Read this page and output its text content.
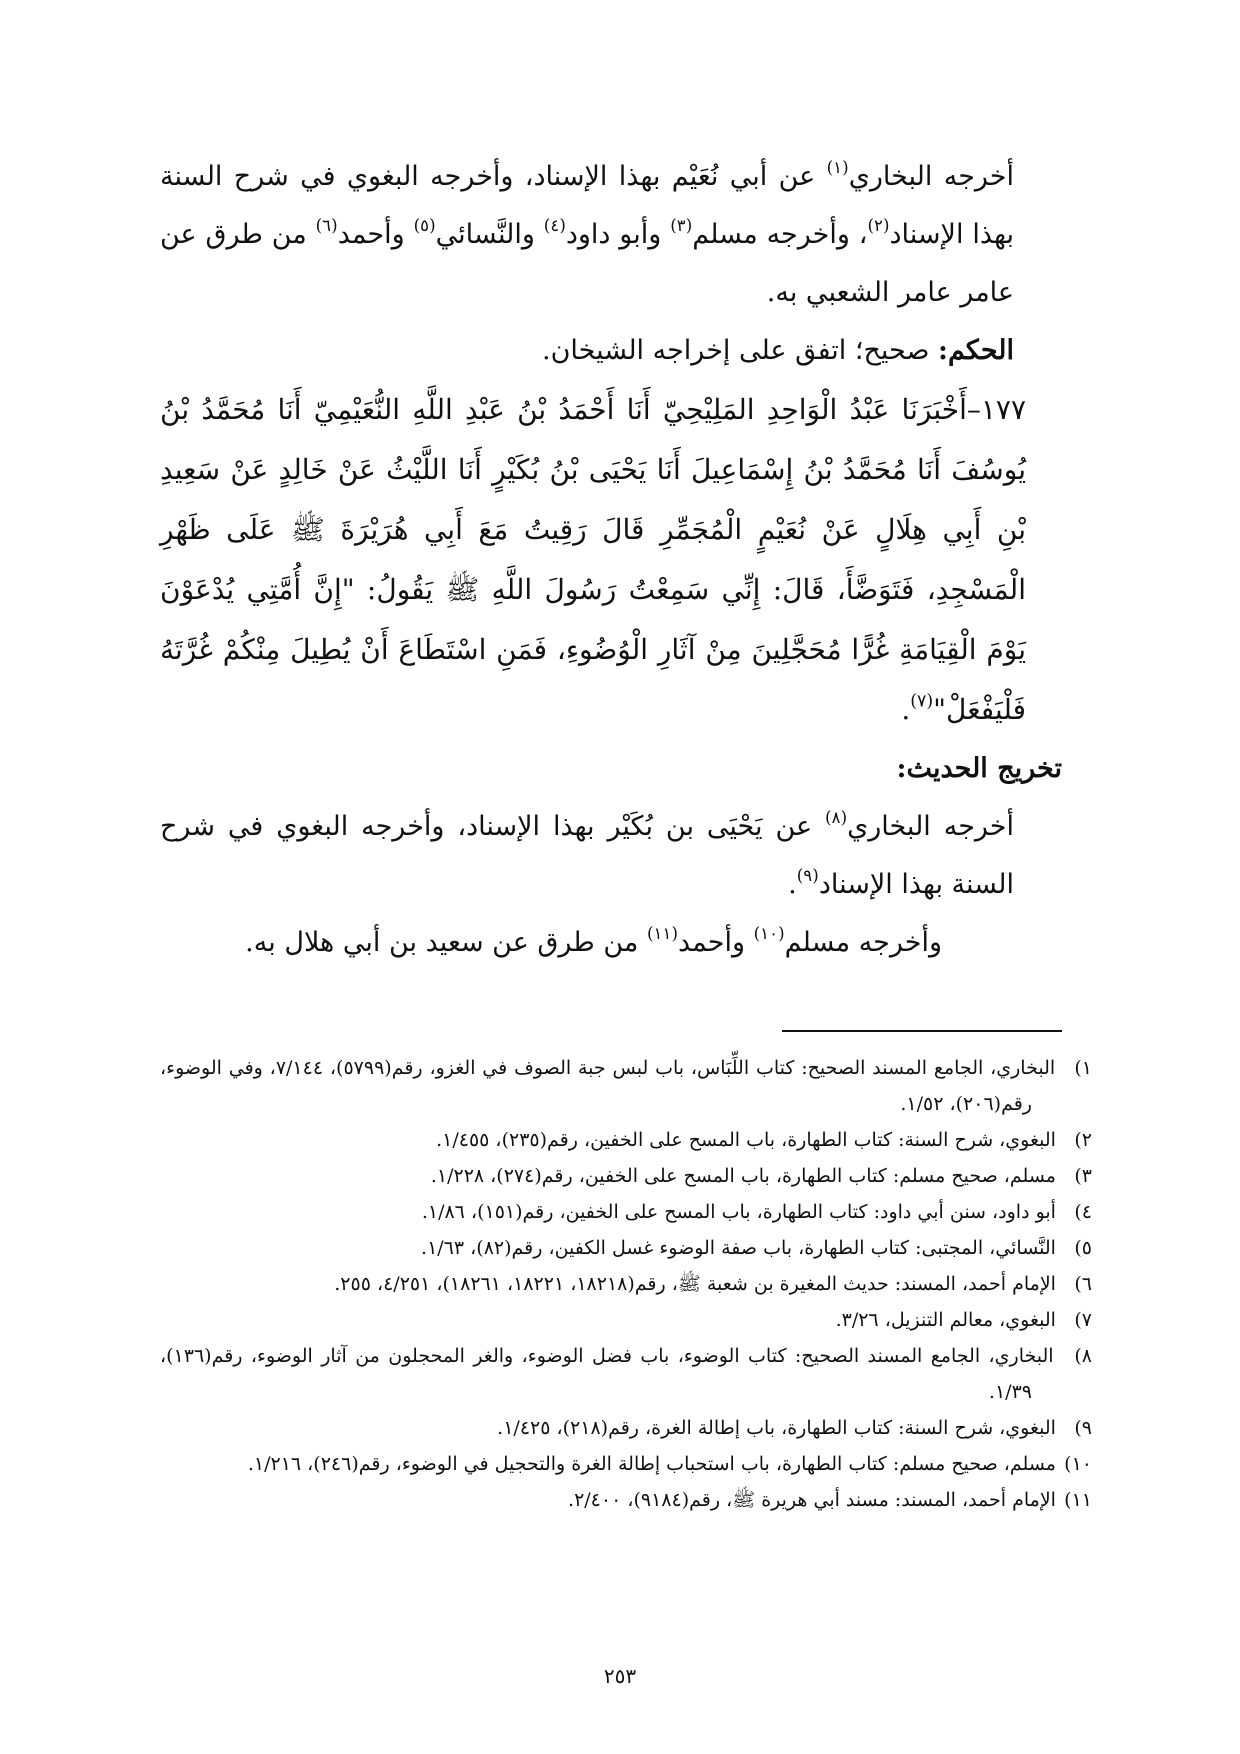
أخرجه البخاري$^{(١)}$ عن أبي نُعَيْم بهذا الإسناد، وأخرجه البغوي في شرح السنة بهذا الإسناد$^{(٢)}$، وأخرجه مسلم$^{(٣)}$ وأبو داود$^{(٤)}$ والنَّسائي$^{(٥)}$ وأحمد$^{(٦)}$ من طرق عن عامر عامر الشعبي به.

الحكم: صحيح؛ اتفق على إخراجه الشيخان.

١٧٧–أَخْبَرَنَا عَبْدُ الْوَاحِدِ المَلِيْحِيّ أَنَا أَحْمَدُ بْنُ عَبْدِ اللَّهِ النُّعَيْمِيّ أَنَا مُحَمَّدُ بْنُ يُوسُفَ أَنَا مُحَمَّدُ بْنُ إِسْمَاعِيلَ أَنَا يَحْيَى بْنُ بُكَيْرٍ أَنَا اللَّيْثُ عَنْ خَالِدٍ عَنْ سَعِيدِ بْنِ أَبِي هِلَالٍ عَنْ نُعَيْمٍ الْمُجَمِّرِ قَالَ رَقِيتُ مَعَ أَبِي هُرَيْرَةَ ﷺ عَلَى ظَهْرِ الْمَسْجِدِ، فَتَوَضَّأَ، قَالَ: إِنِّي سَمِعْتُ رَسُولَ اللَّهِ ﷺ يَقُولُ: "إِنَّ أُمَّتِي يُدْعَوْنَ يَوْمَ الْقِيَامَةِ غُرًّا مُحَجَّلِينَ مِنْ آثَارِ الْوُضُوءِ، فَمَنِ اسْتَطَاعَ أَنْ يُطِيلَ مِنْكُمْ غُرَّتَهُ فَلْيَفْعَلْ"$^{(٧)}$.

تخريج الحديث:

أخرجه البخاري$^{(٨)}$ عن يَحْيَى بن بُكَيْر بهذا الإسناد، وأخرجه البغوي في شرح السنة بهذا الإسناد$^{(٩)}$.

وأخرجه مسلم$^{(١٠)}$ وأحمد$^{(١١)}$ من طرق عن سعيد بن أبي هلال به.

١) البخاري، الجامع المسند الصحيح: كتاب اللِّبَاس، باب لبس جبة الصوف في الغزو، رقم(٥٧٩٩)، ٧/١٤٤، وفي الوضوء، رقم(٢٠٦)، ١/٥٢.

٢) البغوي، شرح السنة: كتاب الطهارة، باب المسح على الخفين، رقم(٢٣٥)، ١/٤٥٥.

٣) مسلم، صحيح مسلم: كتاب الطهارة، باب المسح على الخفين، رقم(٢٧٤)، ١/٢٢٨.

٤) أبو داود، سنن أبي داود: كتاب الطهارة، باب المسح على الخفين، رقم(١٥١)، ١/٨٦.

٥) النَّسائي، المجتبى: كتاب الطهارة، باب صفة الوضوء غسل الكفين، رقم(٨٢)، ١/٦٣.

٦) الإمام أحمد، المسند: حديث المغيرة بن شعبة ﷺ، رقم(١٨٢١٨، ١٨٢٢١، ١٨٢٦١)، ٤/٢٥١، ٢٥٥.

٧) البغوي، معالم التنزيل، ٣/٢٦.

٨) البخاري، الجامع المسند الصحيح: كتاب الوضوء، باب فضل الوضوء، والغر المحجلون من آثار الوضوء، رقم(١٣٦)، ١/٣٩.

٩) البغوي، شرح السنة: كتاب الطهارة، باب إطالة الغرة، رقم(٢١٨)، ١/٤٢٥.

١٠) مسلم، صحيح مسلم: كتاب الطهارة، باب استحباب إطالة الغرة والتحجيل في الوضوء، رقم(٢٤٦)، ١/٢١٦.

١١) الإمام أحمد، المسند: مسند أبي هريرة ﷺ، رقم(٩١٨٤)، ٢/٤٠٠.

٢٥٣
